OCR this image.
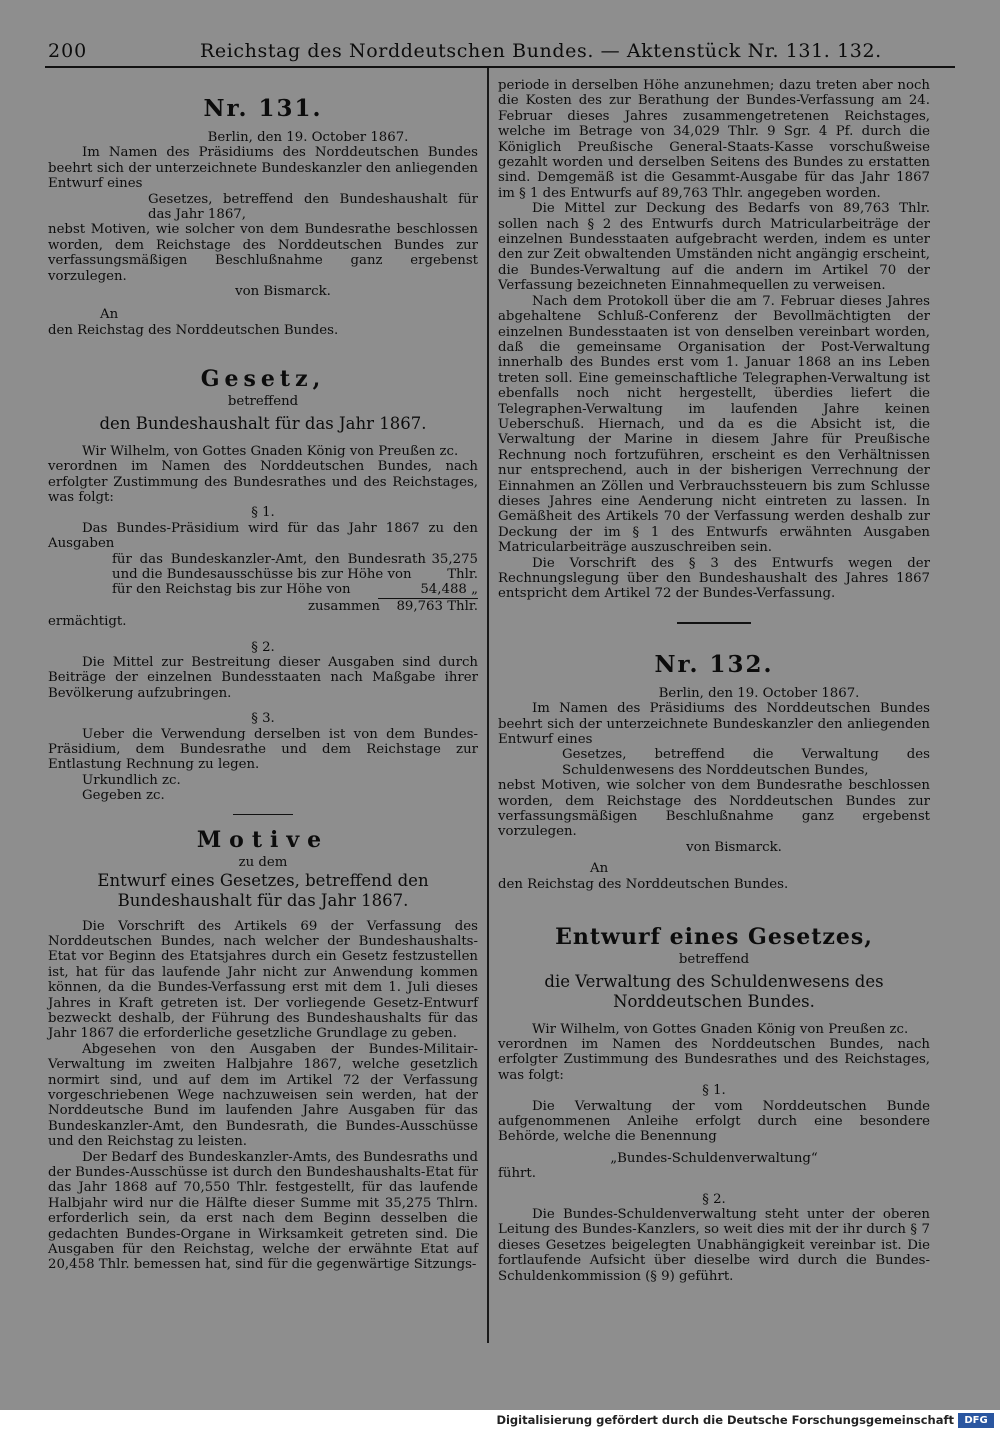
200	Reichstag des Norddeutschen Bundes. — Aktenstück Nr. 131. 132.

Nr. 131.

Berlin, den 19. October 1867.

Im Namen des Präsidiums des Norddeutschen Bundes beehrt sich der unterzeichnete Bundeskanzler den anliegenden Entwurf eines

Gesetzes, betreffend den Bundeshaushalt für das Jahr 1867,

nebst Motiven, wie solcher von dem Bundesrathe beschlossen worden, dem Reichstage des Norddeutschen Bundes zur verfassungsmäßigen Beschlußnahme ganz ergebenst vorzulegen.

von Bismarck.

An

den Reichstag des Norddeutschen Bundes.

Gesetz,

betreffend

den Bundeshaushalt für das Jahr 1867.

Wir Wilhelm, von Gottes Gnaden König von Preußen zc.

verordnen im Namen des Norddeutschen Bundes, nach erfolgter Zustimmung des Bundesrathes und des Reichstages, was folgt:

§ 1.

Das Bundes-Präsidium wird für das Jahr 1867 zu den Ausgaben

für das Bundeskanzler-Amt, den Bundesrath und die Bundesausschüsse bis zur Höhe von
35,275 Thlr.
für den Reichstag bis zur Höhe von	54,488 „
zusammen	89,763 Thlr.

ermächtigt.

§ 2.

Die Mittel zur Bestreitung dieser Ausgaben sind durch Beiträge der einzelnen Bundesstaaten nach Maßgabe ihrer Bevölkerung aufzubringen.

§ 3.

Ueber die Verwendung derselben ist von dem Bundes-Präsidium, dem Bundesrathe und dem Reichstage zur Entlastung Rechnung zu legen.

Urkundlich zc.

Gegeben zc.

Motive

zu dem

Entwurf eines Gesetzes, betreffend den Bundeshaushalt für das Jahr 1867.

Die Vorschrift des Artikels 69 der Verfassung des Norddeutschen Bundes, nach welcher der Bundeshaushalts-Etat vor Beginn des Etatsjahres durch ein Gesetz festzustellen ist, hat für das laufende Jahr nicht zur Anwendung kommen können, da die Bundes-Verfassung erst mit dem 1. Juli dieses Jahres in Kraft getreten ist. Der vorliegende Gesetz-Entwurf bezweckt deshalb, der Führung des Bundeshaushalts für das Jahr 1867 die erforderliche gesetzliche Grundlage zu geben.

Abgesehen von den Ausgaben der Bundes-Militair-Verwaltung im zweiten Halbjahre 1867, welche gesetzlich normirt sind, und auf dem im Artikel 72 der Verfassung vorgeschriebenen Wege nachzuweisen sein werden, hat der Norddeutsche Bund im laufenden Jahre Ausgaben für das Bundeskanzler-Amt, den Bundesrath, die Bundes-Ausschüsse und den Reichstag zu leisten.

Der Bedarf des Bundeskanzler-Amts, des Bundesraths und der Bundes-Ausschüsse ist durch den Bundeshaushalts-Etat für das Jahr 1868 auf 70,550 Thlr. festgestellt, für das laufende Halbjahr wird nur die Hälfte dieser Summe mit 35,275 Thlrn. erforderlich sein, da erst nach dem Beginn desselben die gedachten Bundes-Organe in Wirksamkeit getreten sind. Die Ausgaben für den Reichstag, welche der erwähnte Etat auf 20,458 Thlr. bemessen hat, sind für die gegenwärtige Sitzungs-

periode in derselben Höhe anzunehmen; dazu treten aber noch die Kosten des zur Berathung der Bundes-Verfassung am 24. Februar dieses Jahres zusammengetretenen Reichstages, welche im Betrage von 34,029 Thlr. 9 Sgr. 4 Pf. durch die Königlich Preußische General-Staats-Kasse vorschußweise gezahlt worden und derselben Seitens des Bundes zu erstatten sind. Demgemäß ist die Gesammt-Ausgabe für das Jahr 1867 im § 1 des Entwurfs auf 89,763 Thlr. angegeben worden.

Die Mittel zur Deckung des Bedarfs von 89,763 Thlr. sollen nach § 2 des Entwurfs durch Matricularbeiträge der einzelnen Bundesstaaten aufgebracht werden, indem es unter den zur Zeit obwaltenden Umständen nicht angängig erscheint, die Bundes-Verwaltung auf die andern im Artikel 70 der Verfassung bezeichneten Einnahmequellen zu verweisen.

Nach dem Protokoll über die am 7. Februar dieses Jahres abgehaltene Schluß-Conferenz der Bevollmächtigten der einzelnen Bundesstaaten ist von denselben vereinbart worden, daß die gemeinsame Organisation der Post-Verwaltung innerhalb des Bundes erst vom 1. Januar 1868 an ins Leben treten soll. Eine gemeinschaftliche Telegraphen-Verwaltung ist ebenfalls noch nicht hergestellt, überdies liefert die Telegraphen-Verwaltung im laufenden Jahre keinen Ueberschuß. Hiernach, und da es die Absicht ist, die Verwaltung der Marine in diesem Jahre für Preußische Rechnung noch fortzuführen, erscheint es den Verhältnissen nur entsprechend, auch in der bisherigen Verrechnung der Einnahmen an Zöllen und Verbrauchssteuern bis zum Schlusse dieses Jahres eine Aenderung nicht eintreten zu lassen. In Gemäßheit des Artikels 70 der Verfassung werden deshalb zur Deckung der im § 1 des Entwurfs erwähnten Ausgaben Matricularbeiträge auszuschreiben sein.

Die Vorschrift des § 3 des Entwurfs wegen der Rechnungslegung über den Bundeshaushalt des Jahres 1867 entspricht dem Artikel 72 der Bundes-Verfassung.

Nr. 132.

Berlin, den 19. October 1867.

Im Namen des Präsidiums des Norddeutschen Bundes beehrt sich der unterzeichnete Bundeskanzler den anliegenden Entwurf eines

Gesetzes, betreffend die Verwaltung des Schuldenwesens des Norddeutschen Bundes,

nebst Motiven, wie solcher von dem Bundesrathe beschlossen worden, dem Reichstage des Norddeutschen Bundes zur verfassungsmäßigen Beschlußnahme ganz ergebenst vorzulegen.

von Bismarck.

An

den Reichstag des Norddeutschen Bundes.

Entwurf eines Gesetzes,

betreffend

die Verwaltung des Schuldenwesens des Norddeutschen Bundes.

Wir Wilhelm, von Gottes Gnaden König von Preußen zc.

verordnen im Namen des Norddeutschen Bundes, nach erfolgter Zustimmung des Bundesrathes und des Reichstages, was folgt:

§ 1.

Die Verwaltung der vom Norddeutschen Bunde aufgenommenen Anleihe erfolgt durch eine besondere Behörde, welche die Benennung

„Bundes-Schuldenverwaltung“

führt.

§ 2.

Die Bundes-Schuldenverwaltung steht unter der oberen Leitung des Bundes-Kanzlers, so weit dies mit der ihr durch § 7 dieses Gesetzes beigelegten Unabhängigkeit vereinbar ist. Die fortlaufende Aufsicht über dieselbe wird durch die Bundes-Schuldenkommission (§ 9) geführt.

Digitalisierung gefördert durch die Deutsche Forschungsgemeinschaft	DFG
